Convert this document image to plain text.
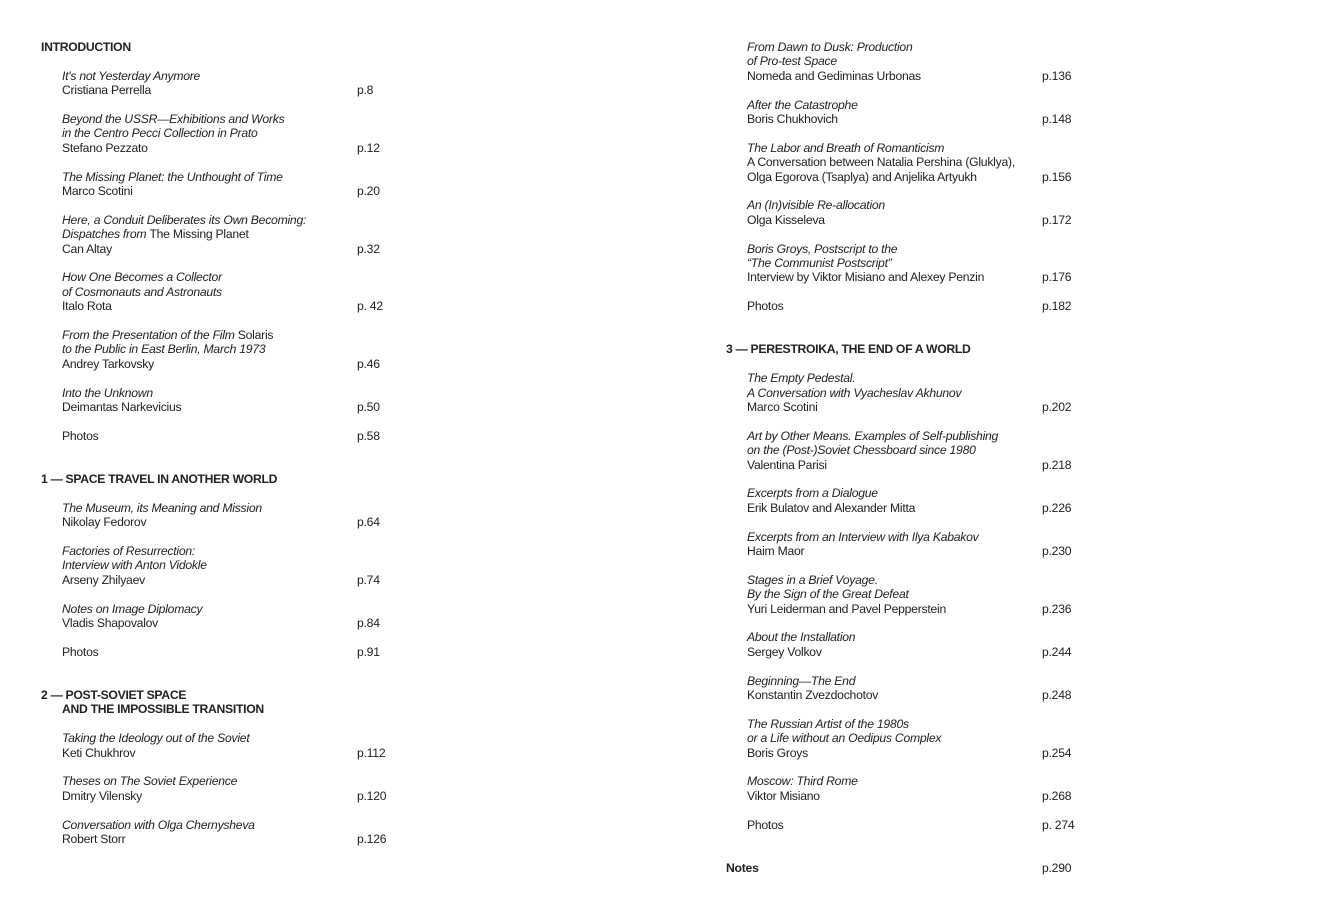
INTRODUCTION
It's not Yesterday Anymore
Cristiana Perrella	p.8
Beyond the USSR—Exhibitions and Works
in the Centro Pecci Collection in Prato
Stefano Pezzato	p.12
The Missing Planet: the Unthought of Time
Marco Scotini	p.20
Here, a Conduit Deliberates its Own Becoming:
Dispatches from The Missing Planet
Can Altay	p.32
How One Becomes a Collector
of Cosmonauts and Astronauts
Italo Rota	p. 42
From the Presentation of the Film Solaris
to the Public in East Berlin, March 1973
Andrey Tarkovsky	p.46
Into the Unknown
Deimantas Narkevicius	p.50
Photos	p.58
1 — SPACE TRAVEL IN ANOTHER WORLD
The Museum, its Meaning and Mission
Nikolay Fedorov	p.64
Factories of Resurrection:
Interview with Anton Vidokle
Arseny Zhilyaev	p.74
Notes on Image Diplomacy
Vladis Shapovalov	p.84
Photos	p.91
2 — POST-SOVIET SPACE
AND THE IMPOSSIBLE TRANSITION
Taking the Ideology out of the Soviet
Keti Chukhrov	p.112
Theses on The Soviet Experience
Dmitry Vilensky	p.120
Conversation with Olga Chernysheva
Robert Storr	p.126
From Dawn to Dusk: Production
of Pro-test Space
Nomeda and Gediminas Urbonas	p.136
After the Catastrophe
Boris Chukhovich	p.148
The Labor and Breath of Romanticism
A Conversation between Natalia Pershina (Gluklya),
Olga Egorova (Tsaplya) and Anjelika Artyukh	p.156
An (In)visible Re-allocation
Olga Kisseleva	p.172
Boris Groys, Postscript to the
“The Communist Postscript”
Interview by Viktor Misiano and Alexey Penzin	p.176
Photos	p.182
3 — PERESTROIKA, THE END OF A WORLD
The Empty Pedestal.
A Conversation with Vyacheslav Akhunov
Marco Scotini	p.202
Art by Other Means. Examples of Self-publishing
on the (Post-)Soviet Chessboard since 1980
Valentina Parisi	p.218
Excerpts from a Dialogue
Erik Bulatov and Alexander Mitta	p.226
Excerpts from an Interview with Ilya Kabakov
Haim Maor	p.230
Stages in a Brief Voyage.
By the Sign of the Great Defeat
Yuri Leiderman and Pavel Pepperstein	p.236
About the Installation
Sergey Volkov	p.244
Beginning—The End
Konstantin Zvezdochotov	p.248
The Russian Artist of the 1980s
or a Life without an Oedipus Complex
Boris Groys	p.254
Moscow: Third Rome
Viktor Misiano	p.268
Photos	p. 274
Notes	p.290
